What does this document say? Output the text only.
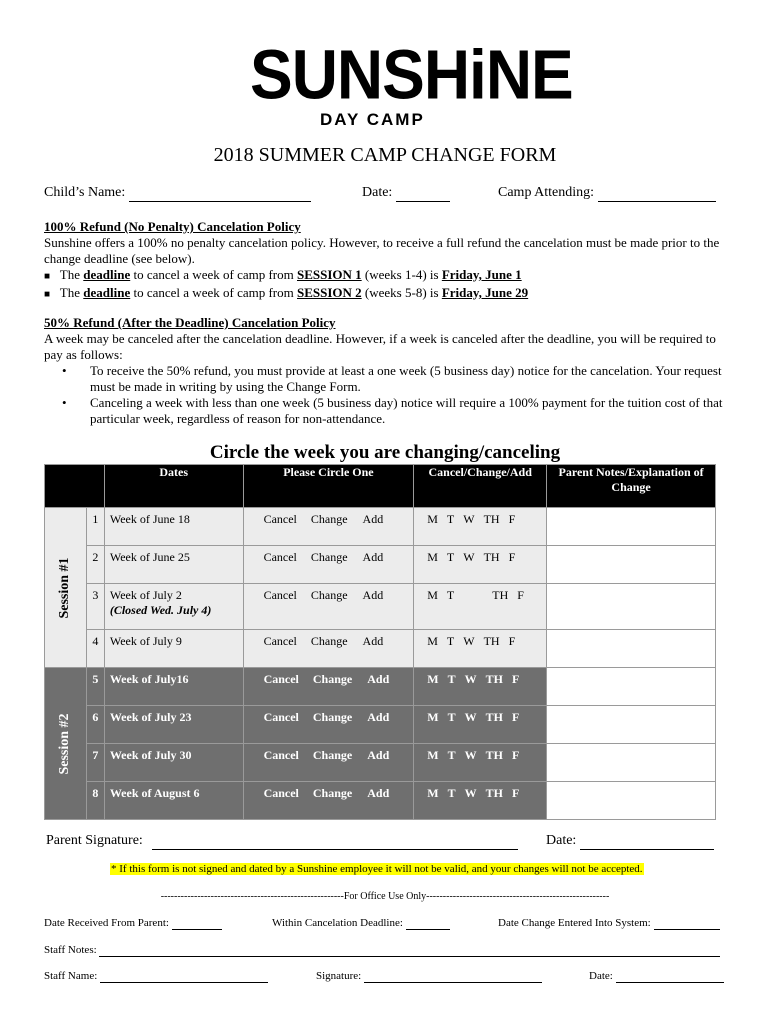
SUNSHiNE
DAY CAMP
2018 SUMMER CAMP CHANGE FORM
Child’s Name:	Date:	Camp Attending:
100% Refund (No Penalty) Cancelation Policy
Sunshine offers a 100% no penalty cancelation policy. However, to receive a full refund the cancelation must be made prior to the change deadline (see below).
■ The deadline to cancel a week of camp from SESSION 1 (weeks 1-4) is Friday, June 1
■ The deadline to cancel a week of camp from SESSION 2 (weeks 5-8) is Friday, June 29
50% Refund (After the Deadline) Cancelation Policy
A week may be canceled after the cancelation deadline. However, if a week is canceled after the deadline, you will be required to pay as follows:
• To receive the 50% refund, you must provide at least a one week (5 business day) notice for the cancelation. Your request must be made in writing by using the Change Form.
• Canceling a week with less than one week (5 business day) notice will require a 100% payment for the tuition cost of that particular week, regardless of reason for non-attendance.
Circle the week you are changing/canceling
		Dates	Please Circle One	Cancel/Change/Add	Parent Notes/Explanation of Change

Session #1	1	Week of June 18	Cancel Change Add	M T W TH F	

	2	Week of June 25	Cancel Change Add	M T W TH F	

	3	Week of July 2
(Closed Wed. July 4)	Cancel Change Add	M T TH F	

	4	Week of July 9	Cancel Change Add	M T W TH F	

Session #2	5	Week of July16	Cancel Change Add	M T W TH F	

	6	Week of July 23	Cancel Change Add	M T W TH F	

	7	Week of July 30	Cancel Change Add	M T W TH F	

	8	Week of August 6	Cancel Change Add	M T W TH F	

Parent Signature:	Date:
* If this form is not signed and dated by a Sunshine employee it will not be valid, and your changes will not be accepted.
-------------------------------------------------------For Office Use Only-------------------------------------------------------
Date Received From Parent:	Within Cancelation Deadline:	Date Change Entered Into System:
Staff Notes:
Staff Name:	Signature:	Date:
